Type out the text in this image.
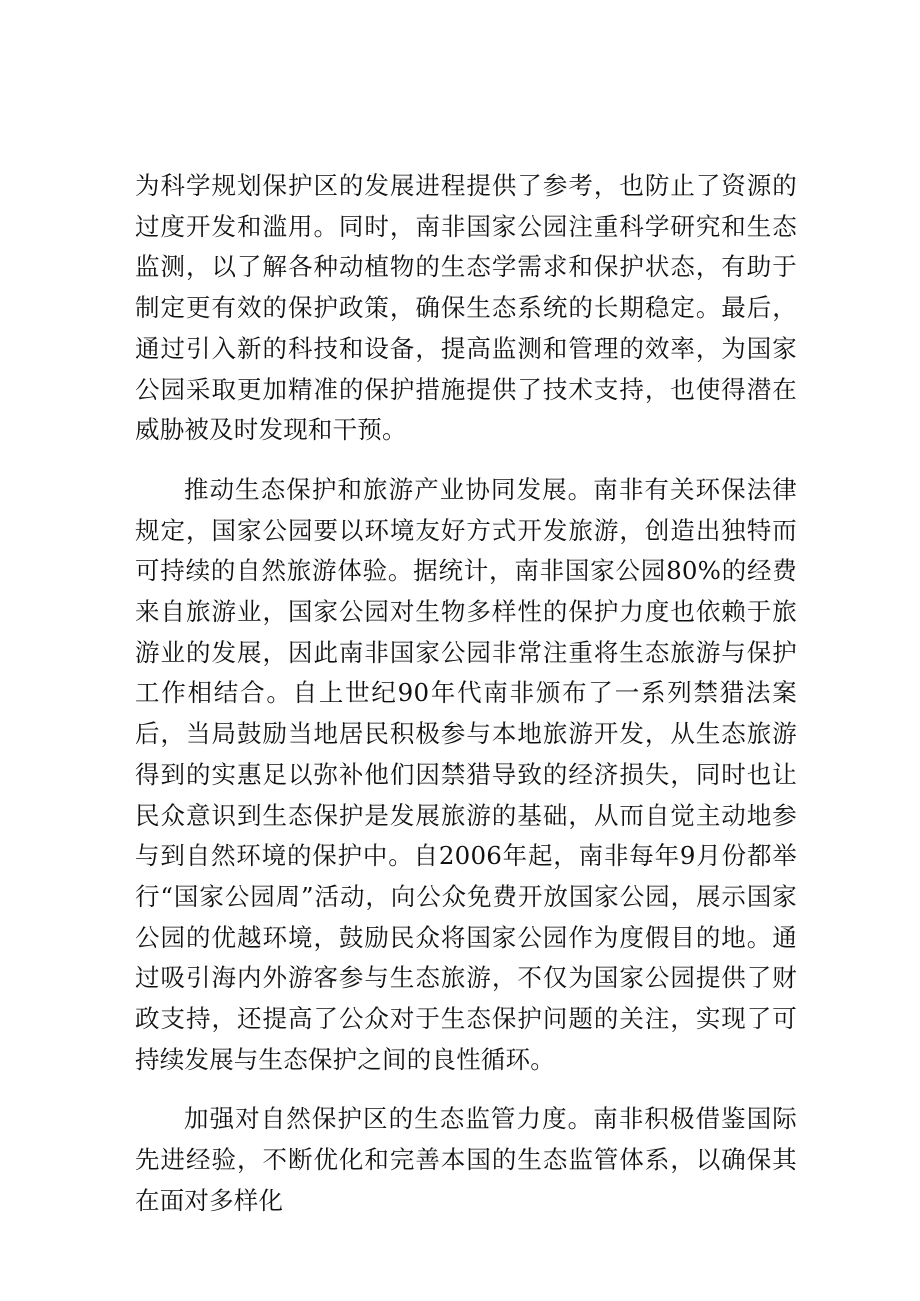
为科学规划保护区的发展进程提供了参考，也防止了资源的过度开发和滥用。同时，南非国家公园注重科学研究和生态监测，以了解各种动植物的生态学需求和保护状态，有助于制定更有效的保护政策，确保生态系统的长期稳定。最后，通过引入新的科技和设备，提高监测和管理的效率，为国家公园采取更加精准的保护措施提供了技术支持，也使得潜在威胁被及时发现和干预。

推动生态保护和旅游产业协同发展。南非有关环保法律规定，国家公园要以环境友好方式开发旅游，创造出独特而可持续的自然旅游体验。据统计，南非国家公园80%的经费来自旅游业，国家公园对生物多样性的保护力度也依赖于旅游业的发展，因此南非国家公园非常注重将生态旅游与保护工作相结合。自上世纪90年代南非颁布了一系列禁猎法案后，当局鼓励当地居民积极参与本地旅游开发，从生态旅游得到的实惠足以弥补他们因禁猎导致的经济损失，同时也让民众意识到生态保护是发展旅游的基础，从而自觉主动地参与到自然环境的保护中。自2006年起，南非每年9月份都举行“国家公园周”活动，向公众免费开放国家公园，展示国家公园的优越环境，鼓励民众将国家公园作为度假目的地。通过吸引海内外游客参与生态旅游，不仅为国家公园提供了财政支持，还提高了公众对于生态保护问题的关注，实现了可持续发展与生态保护之间的良性循环。

加强对自然保护区的生态监管力度。南非积极借鉴国际先进经验，不断优化和完善本国的生态监管体系，以确保其在面对多样化
